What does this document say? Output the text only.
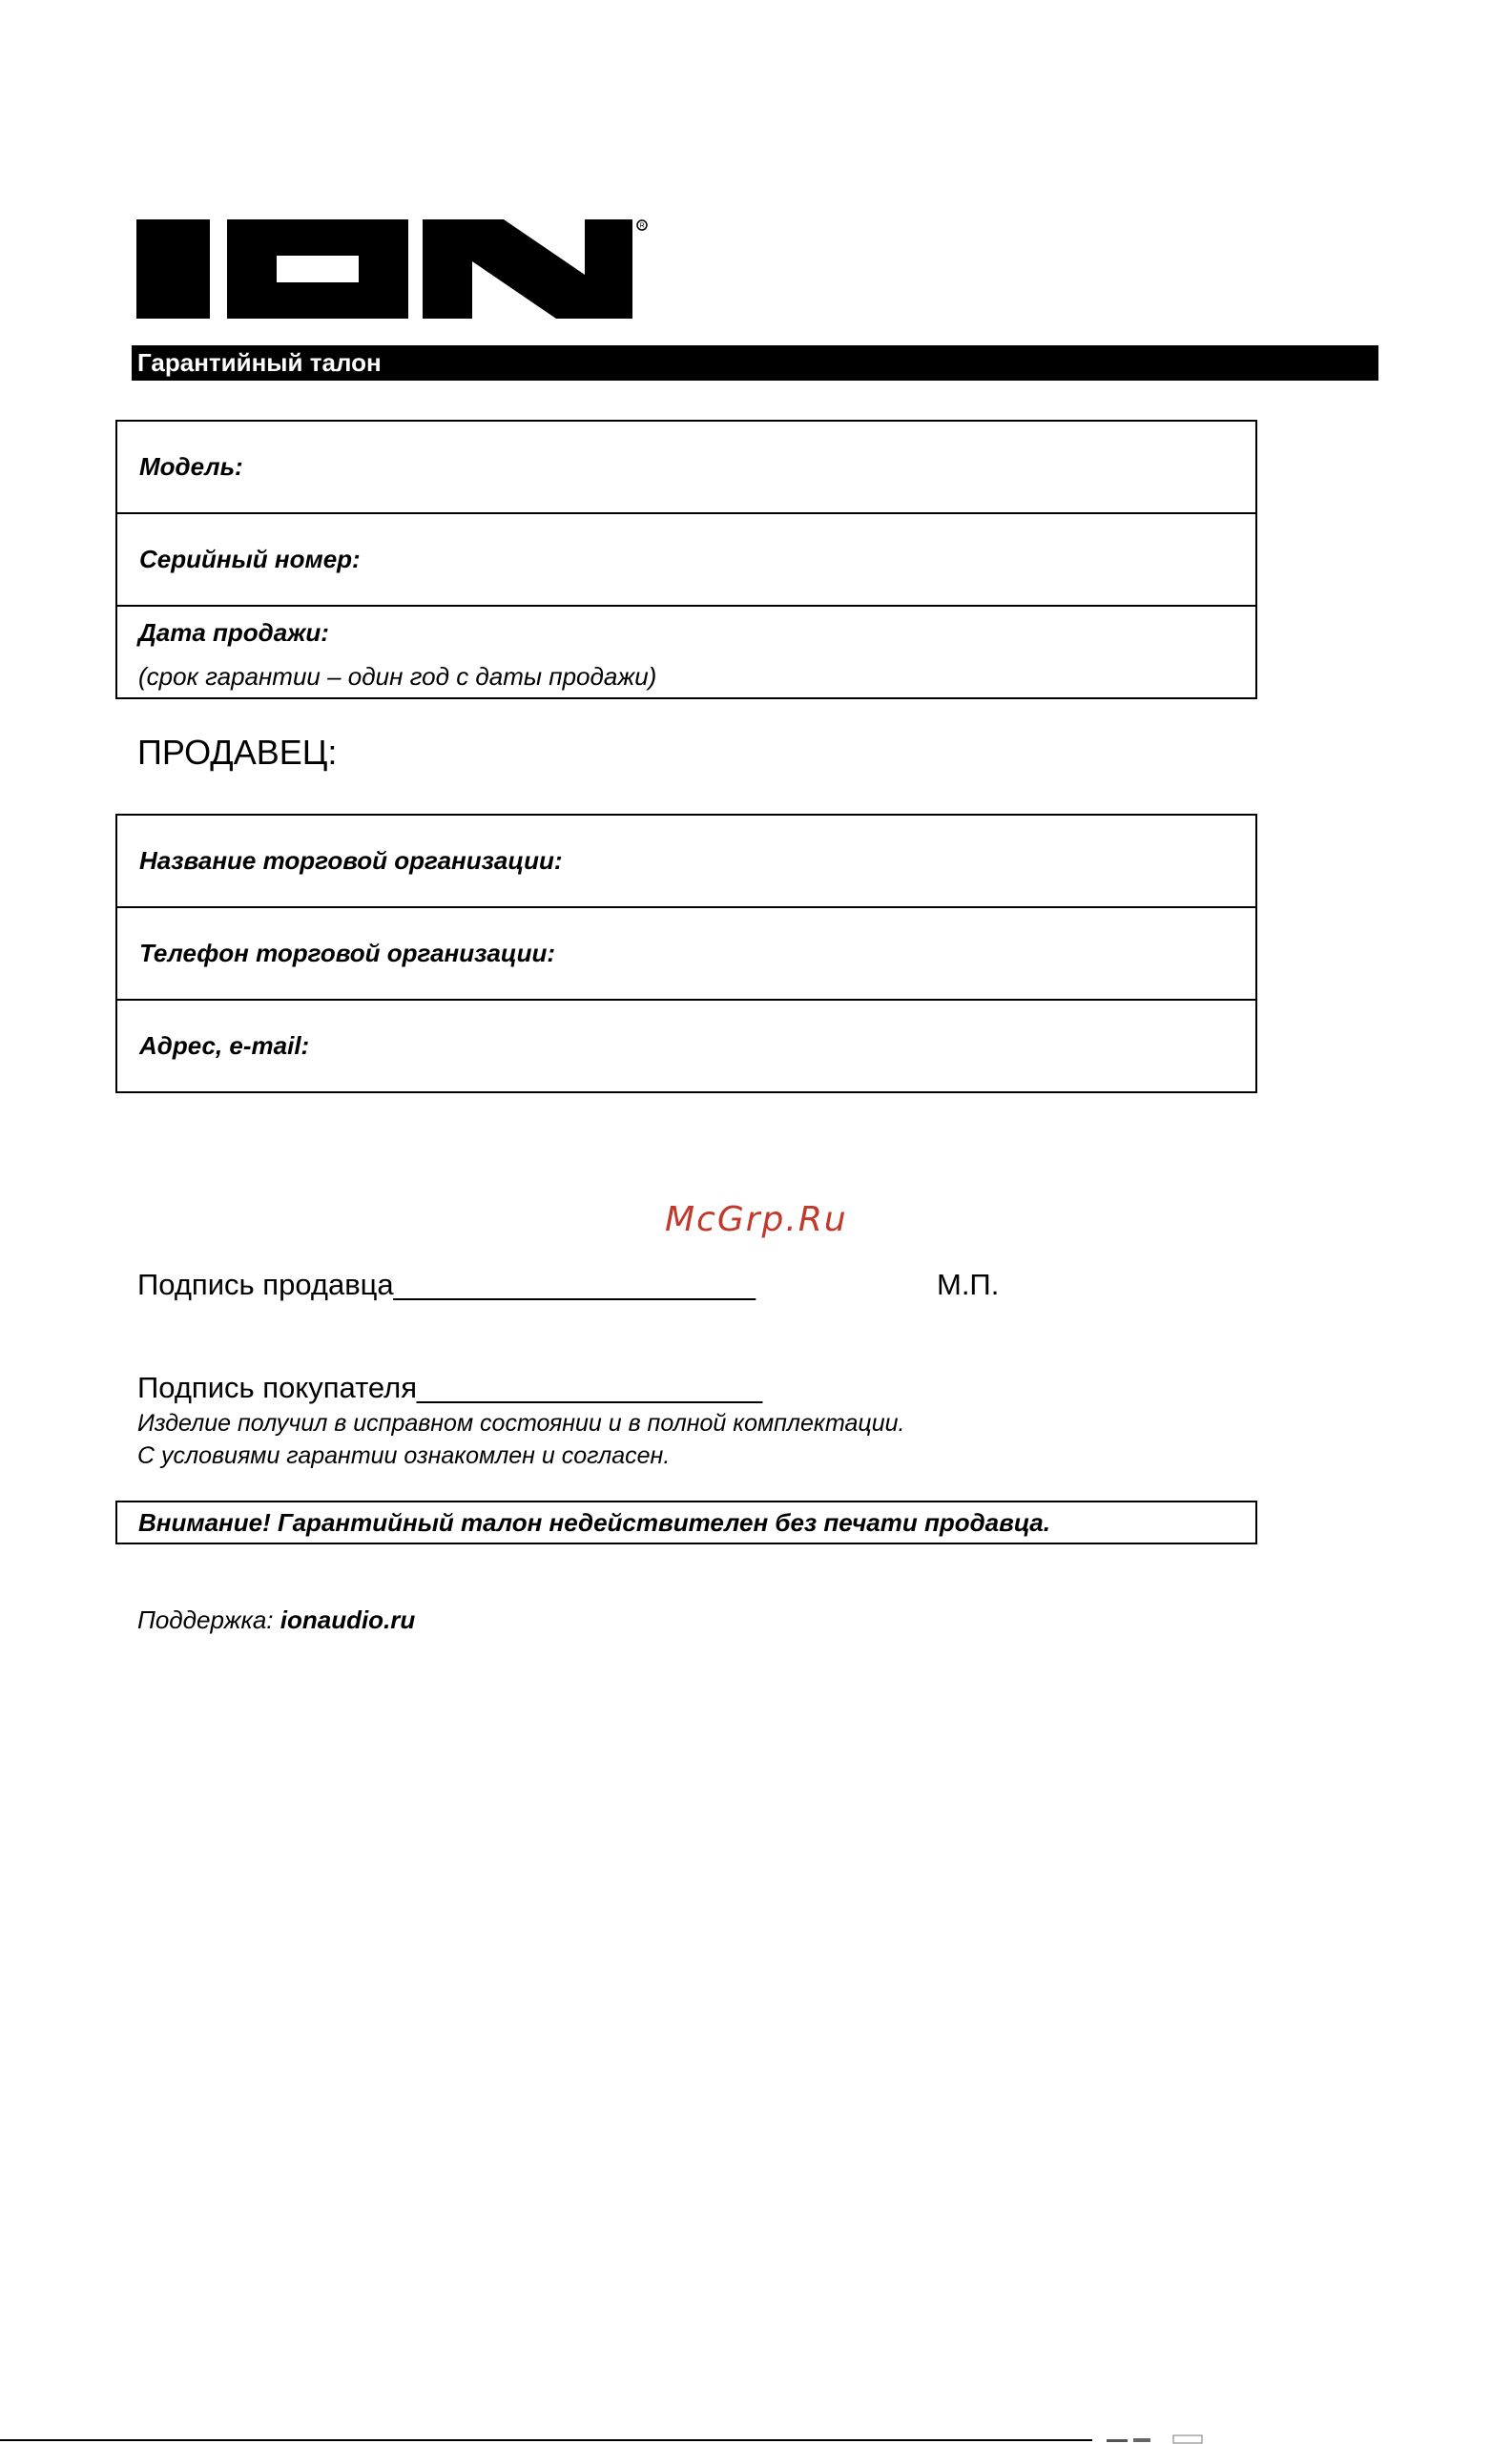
R
Гарантийный талон
Модель:
Серийный номер:

Дата продажи:
(срок гарантии – один год с даты продажи)
ПРОДАВЕЦ:
Название торговой организации:
Телефон торговой организации:
Адрес, e-mail:
McGrp.Ru
Подпись продавца______________________	М.П.
Подпись покупателя_____________________
Изделие получил в исправном состоянии и в полной комплектации.
С условиями гарантии ознакомлен и согласен.
Внимание! Гарантийный талон недействителен без печати продавца.
Поддержка: ionaudio.ru
